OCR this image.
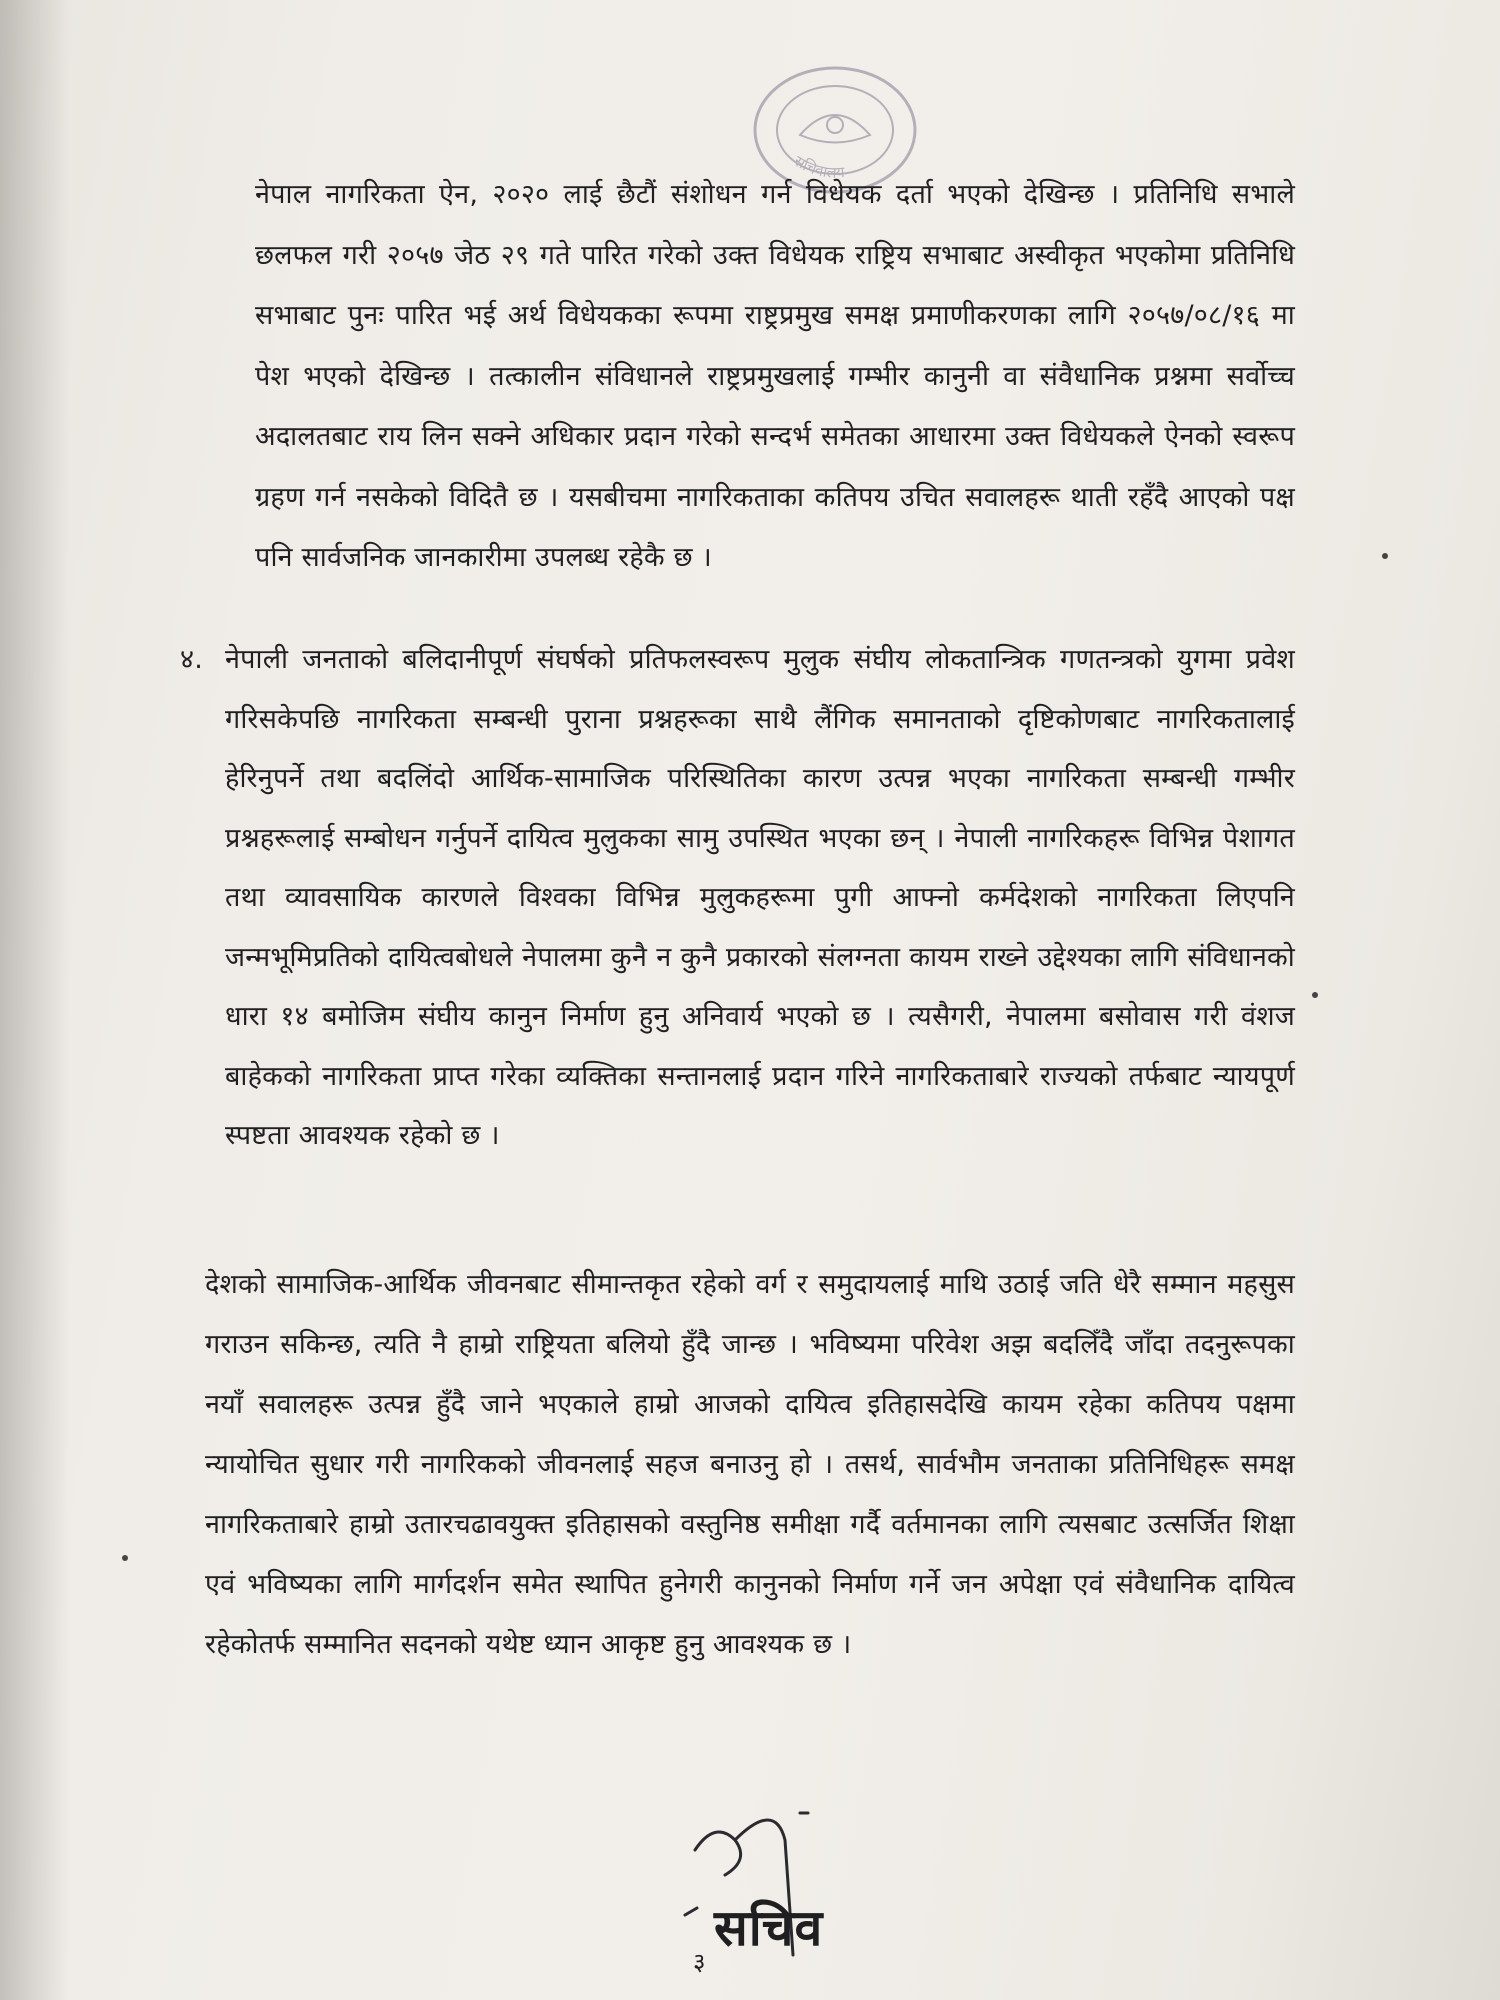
सचिवालय

नेपाल नागरिकता ऐन, २०२० लाई छैटौं संशोधन गर्न विधेयक दर्ता भएको देखिन्छ । प्रतिनिधि सभाले छलफल गरी २०५७ जेठ २९ गते पारित गरेको उक्त विधेयक राष्ट्रिय सभाबाट अस्वीकृत भएकोमा प्रतिनिधि सभाबाट पुनः पारित भई अर्थ विधेयकका रूपमा राष्ट्रप्रमुख समक्ष प्रमाणीकरणका लागि २०५७/०८/१६ मा पेश भएको देखिन्छ । तत्कालीन संविधानले राष्ट्रप्रमुखलाई गम्भीर कानुनी वा संवैधानिक प्रश्नमा सर्वोच्च अदालतबाट राय लिन सक्ने अधिकार प्रदान गरेको सन्दर्भ समेतका आधारमा उक्त विधेयकले ऐनको स्वरूप ग्रहण गर्न नसकेको विदितै छ । यसबीचमा नागरिकताका कतिपय उचित सवालहरू थाती रहँदै आएको पक्ष पनि सार्वजनिक जानकारीमा उपलब्ध रहेकै छ ।

४. नेपाली जनताको बलिदानीपूर्ण संघर्षको प्रतिफलस्वरूप मुलुक संघीय लोकतान्त्रिक गणतन्त्रको युगमा प्रवेश गरिसकेपछि नागरिकता सम्बन्धी पुराना प्रश्नहरूका साथै लैंगिक समानताको दृष्टिकोणबाट नागरिकतालाई हेरिनुपर्ने तथा बदलिंदो आर्थिक-सामाजिक परिस्थितिका कारण उत्पन्न भएका नागरिकता सम्बन्धी गम्भीर प्रश्नहरूलाई सम्बोधन गर्नुपर्ने दायित्व मुलुकका सामु उपस्थित भएका छन् । नेपाली नागरिकहरू विभिन्न पेशागत तथा व्यावसायिक कारणले विश्वका विभिन्न मुलुकहरूमा पुगी आफ्नो कर्मदेशको नागरिकता लिएपनि जन्मभूमिप्रतिको दायित्वबोधले नेपालमा कुनै न कुनै प्रकारको संलग्नता कायम राख्ने उद्देश्यका लागि संविधानको धारा १४ बमोजिम संघीय कानुन निर्माण हुनु अनिवार्य भएको छ । त्यसैगरी, नेपालमा बसोवास गरी वंशज बाहेकको नागरिकता प्राप्त गरेका व्यक्तिका सन्तानलाई प्रदान गरिने नागरिकताबारे राज्यको तर्फबाट न्यायपूर्ण स्पष्टता आवश्यक रहेको छ ।

देशको सामाजिक-आर्थिक जीवनबाट सीमान्तकृत रहेको वर्ग र समुदायलाई माथि उठाई जति धेरै सम्मान महसुस गराउन सकिन्छ, त्यति नै हाम्रो राष्ट्रियता बलियो हुँदै जान्छ । भविष्यमा परिवेश अझ बदलिँदै जाँदा तदनुरूपका नयाँ सवालहरू उत्पन्न हुँदै जाने भएकाले हाम्रो आजको दायित्व इतिहासदेखि कायम रहेका कतिपय पक्षमा न्यायोचित सुधार गरी नागरिकको जीवनलाई सहज बनाउनु हो । तसर्थ, सार्वभौम जनताका प्रतिनिधिहरू समक्ष नागरिकताबारे हाम्रो उतारचढावयुक्त इतिहासको वस्तुनिष्ठ समीक्षा गर्दै वर्तमानका लागि त्यसबाट उत्सर्जित शिक्षा एवं भविष्यका लागि मार्गदर्शन समेत स्थापित हुनेगरी कानुनको निर्माण गर्ने जन अपेक्षा एवं संवैधानिक दायित्व रहेकोतर्फ सम्मानित सदनको यथेष्ट ध्यान आकृष्ट हुनु आवश्यक छ ।

सचिव
३
